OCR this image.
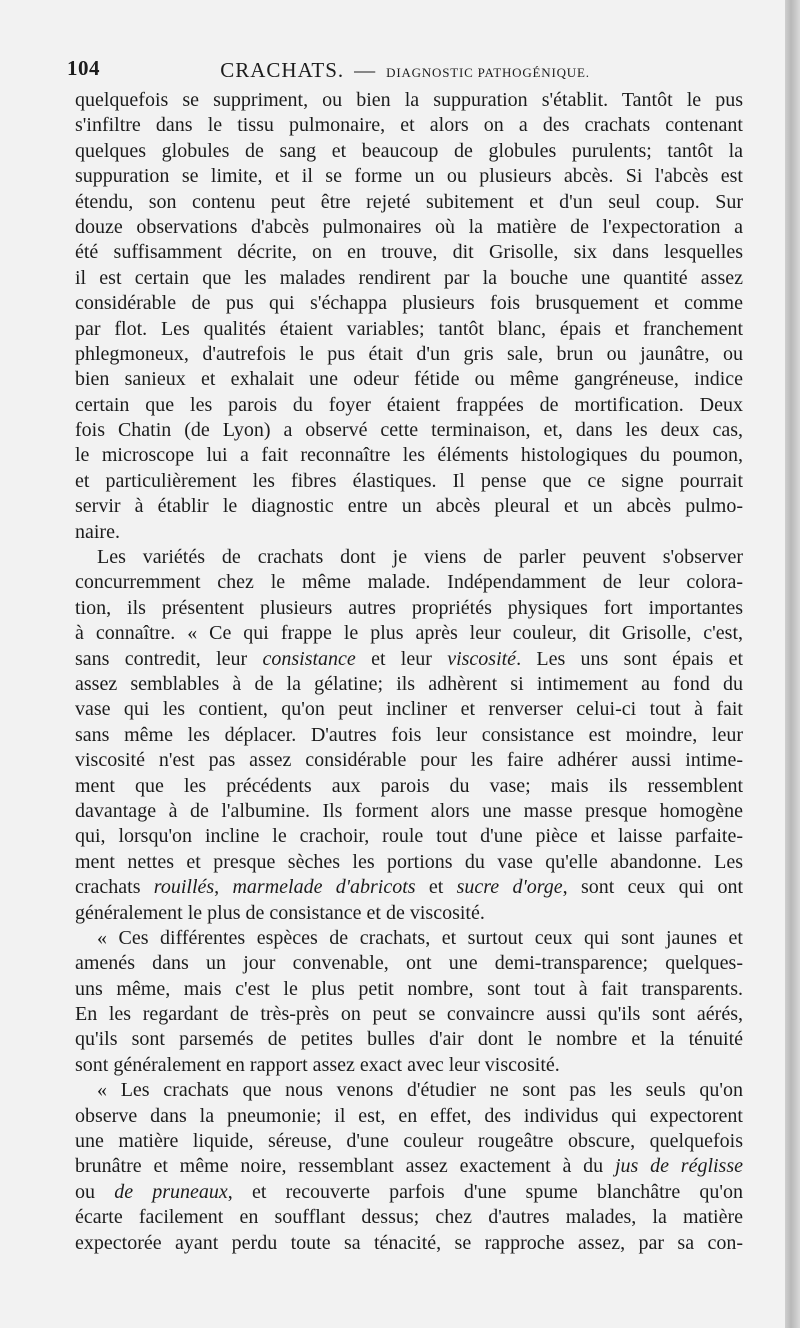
104	CRACHATS. — DIAGNOSTIC PATHOGÉNIQUE.
quelquefois se suppriment, ou bien la suppuration s'établit. Tantôt le pus
s'infiltre dans le tissu pulmonaire, et alors on a des crachats contenant
quelques globules de sang et beaucoup de globules purulents; tantôt la
suppuration se limite, et il se forme un ou plusieurs abcès. Si l'abcès est
étendu, son contenu peut être rejeté subitement et d'un seul coup. Sur
douze observations d'abcès pulmonaires où la matière de l'expectoration a
été suffisamment décrite, on en trouve, dit Grisolle, six dans lesquelles
il est certain que les malades rendirent par la bouche une quantité assez
considérable de pus qui s'échappa plusieurs fois brusquement et comme
par flot. Les qualités étaient variables; tantôt blanc, épais et franchement
phlegmoneux, d'autrefois le pus était d'un gris sale, brun ou jaunâtre, ou
bien sanieux et exhalait une odeur fétide ou même gangréneuse, indice
certain que les parois du foyer étaient frappées de mortification. Deux
fois Chatin (de Lyon) a observé cette terminaison, et, dans les deux cas,
le microscope lui a fait reconnaître les éléments histologiques du poumon,
et particulièrement les fibres élastiques. Il pense que ce signe pourrait
servir à établir le diagnostic entre un abcès pleural et un abcès pulmo-
naire.
Les variétés de crachats dont je viens de parler peuvent s'observer
concurremment chez le même malade. Indépendamment de leur colora-
tion, ils présentent plusieurs autres propriétés physiques fort importantes
à connaître. « Ce qui frappe le plus après leur couleur, dit Grisolle, c'est,
sans contredit, leur consistance et leur viscosité. Les uns sont épais et
assez semblables à de la gélatine; ils adhèrent si intimement au fond du
vase qui les contient, qu'on peut incliner et renverser celui-ci tout à fait
sans même les déplacer. D'autres fois leur consistance est moindre, leur
viscosité n'est pas assez considérable pour les faire adhérer aussi intime-
ment que les précédents aux parois du vase; mais ils ressemblent
davantage à de l'albumine. Ils forment alors une masse presque homogène
qui, lorsqu'on incline le crachoir, roule tout d'une pièce et laisse parfaite-
ment nettes et presque sèches les portions du vase qu'elle abandonne. Les
crachats rouillés, marmelade d'abricots et sucre d'orge, sont ceux qui ont
généralement le plus de consistance et de viscosité.
« Ces différentes espèces de crachats, et surtout ceux qui sont jaunes et
amenés dans un jour convenable, ont une demi-transparence; quelques-
uns même, mais c'est le plus petit nombre, sont tout à fait transparents.
En les regardant de très-près on peut se convaincre aussi qu'ils sont aérés,
qu'ils sont parsemés de petites bulles d'air dont le nombre et la ténuité
sont généralement en rapport assez exact avec leur viscosité.
« Les crachats que nous venons d'étudier ne sont pas les seuls qu'on
observe dans la pneumonie; il est, en effet, des individus qui expectorent
une matière liquide, séreuse, d'une couleur rougeâtre obscure, quelquefois
brunâtre et même noire, ressemblant assez exactement à du jus de réglisse
ou de pruneaux, et recouverte parfois d'une spume blanchâtre qu'on
écarte facilement en soufflant dessus; chez d'autres malades, la matière
expectorée ayant perdu toute sa ténacité, se rapproche assez, par sa con-
